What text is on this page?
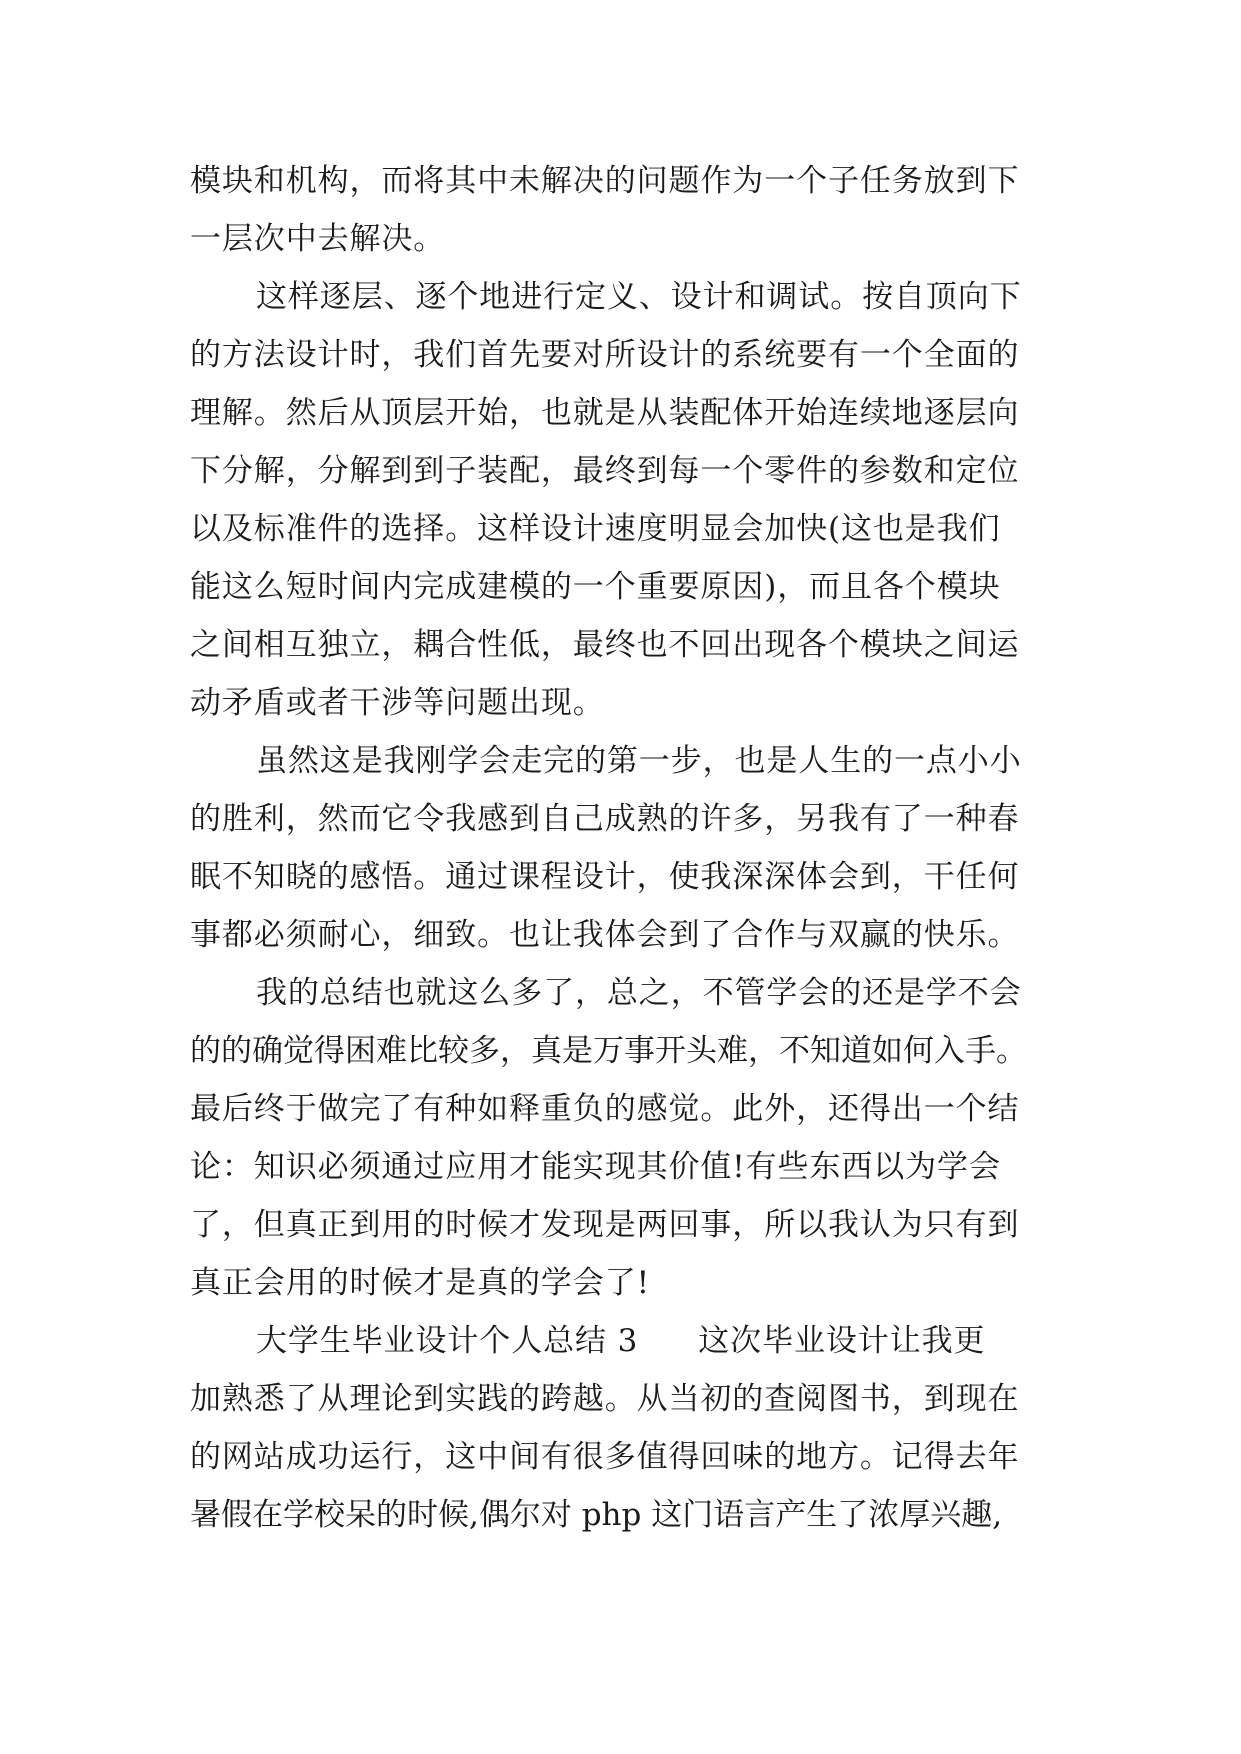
模块和机构，而将其中未解决的问题作为一个子任务放到下
一层次中去解决。
这样逐层、逐个地进行定义、设计和调试。按自顶向下
的方法设计时，我们首先要对所设计的系统要有一个全面的
理解。然后从顶层开始，也就是从装配体开始连续地逐层向
下分解，分解到到子装配，最终到每一个零件的参数和定位
以及标准件的选择。这样设计速度明显会加快(这也是我们
能这么短时间内完成建模的一个重要原因)，而且各个模块
之间相互独立，耦合性低，最终也不回出现各个模块之间运
动矛盾或者干涉等问题出现。
虽然这是我刚学会走完的第一步，也是人生的一点小小
的胜利，然而它令我感到自己成熟的许多，另我有了一种春
眠不知晓的感悟。通过课程设计，使我深深体会到，干任何
事都必须耐心，细致。也让我体会到了合作与双赢的快乐。
我的总结也就这么多了，总之，不管学会的还是学不会
的的确觉得困难比较多，真是万事开头难，不知道如何入手。
最后终于做完了有种如释重负的感觉。此外，还得出一个结
论：知识必须通过应用才能实现其价值!有些东西以为学会
了，但真正到用的时候才发现是两回事，所以我认为只有到
真正会用的时候才是真的学会了!
大学生毕业设计个人总结 3 这次毕业设计让我更
加熟悉了从理论到实践的跨越。从当初的查阅图书，到现在
的网站成功运行，这中间有很多值得回味的地方。记得去年
暑假在学校呆的时候,偶尔对 php 这门语言产生了浓厚兴趣,
